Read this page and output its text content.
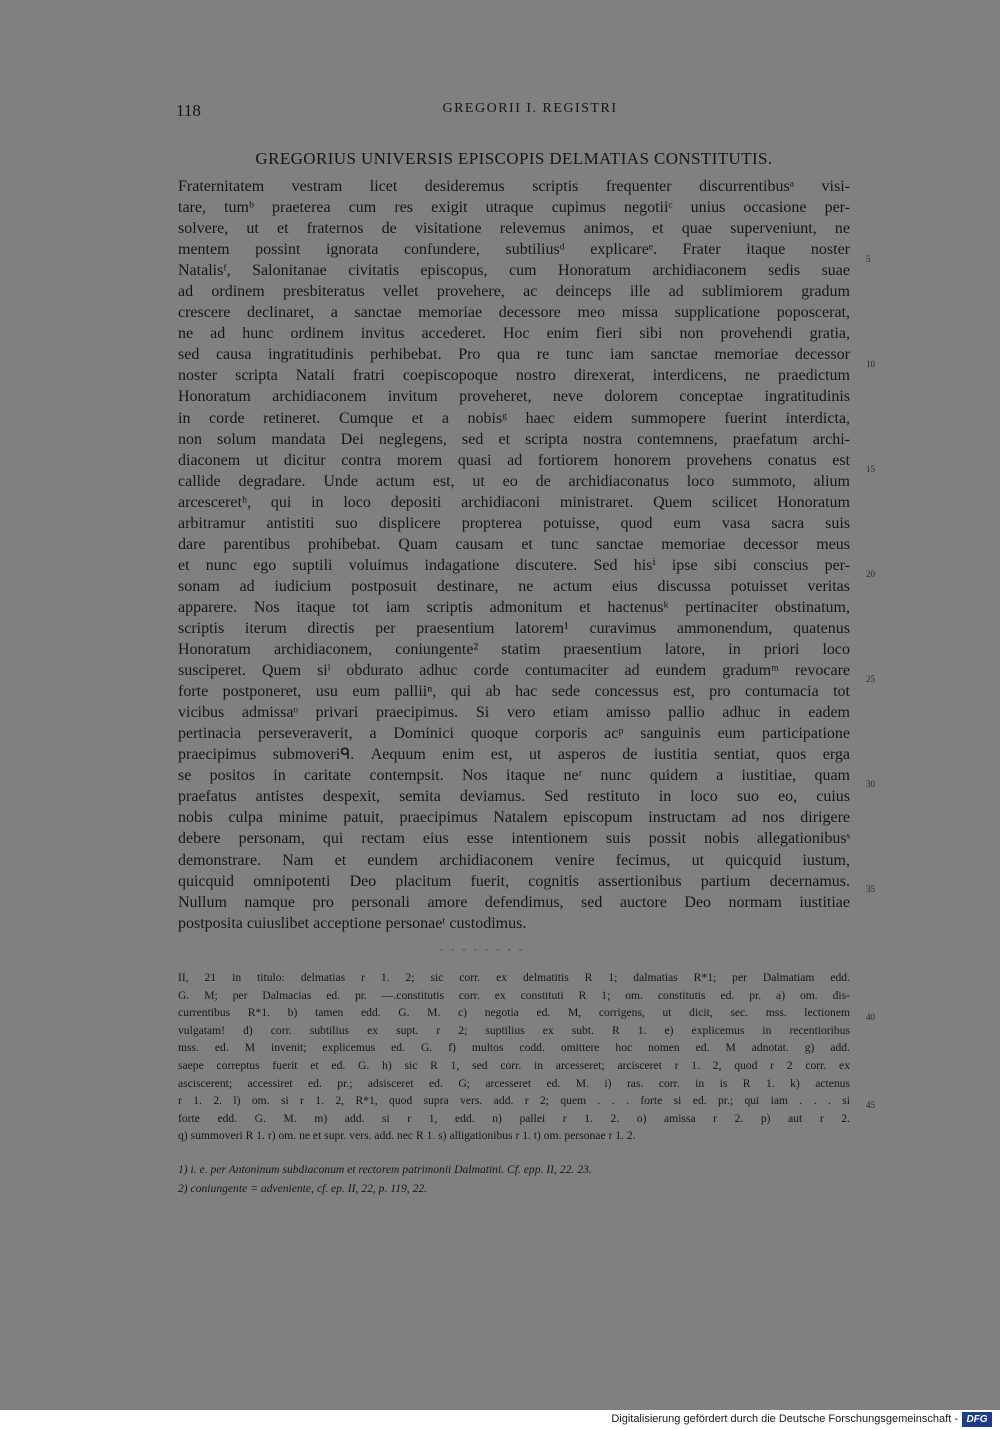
118	GREGORII I. REGISTRI
GREGORIUS UNIVERSIS EPISCOPIS DELMATIAS CONSTITUTIS.
Fraternitatem vestram licet desideremus scriptis frequenter discurrentibusᵃ visi-
tare, tumᵇ praeterea cum res exigit utraque cupimus negotiiᶜ unius occasione per-
solvere, ut et fraternos de visitatione relevemus animos, et quae superveniunt, ne
mentem possint ignorata confundere, subtiliusᵈ explicareᵉ. Frater itaque noster
Natalisᶠ, Salonitanae civitatis episcopus, cum Honoratum archidiaconem sedis suae
ad ordinem presbiteratus vellet provehere, ac deinceps ille ad sublimiorem gradum
crescere declinaret, a sanctae memoriae decessore meo missa supplicatione poposcerat,
ne ad hunc ordinem invitus accederet. Hoc enim fieri sibi non provehendi gratia,
sed causa ingratitudinis perhibebat. Pro qua re tunc iam sanctae memoriae decessor
noster scripta Natali fratri coepiscopoque nostro direxerat, interdicens, ne praedictum
Honoratum archidiaconem invitum proveheret, neve dolorem conceptae ingratitudinis
in corde retineret. Cumque et a nobisᵍ haec eidem summopere fuerint interdicta,
non solum mandata Dei neglegens, sed et scripta nostra contemnens, praefatum archi-
diaconem ut dicitur contra morem quasi ad fortiorem honorem provehens conatus est
callide degradare. Unde actum est, ut eo de archidiaconatus loco summoto, alium
arcesceretʰ, qui in loco depositi archidiaconi ministraret. Quem scilicet Honoratum
arbitramur antistiti suo displicere propterea potuisse, quod eum vasa sacra suis
dare parentibus prohibebat. Quam causam et tunc sanctae memoriae decessor meus
et nunc ego suptili voluimus indagatione discutere. Sed hisⁱ ipse sibi conscius per-
sonam ad iudicium postposuit destinare, ne actum eius discussa potuisset veritas
apparere. Nos itaque tot iam scriptis admonitum et hactenusᵏ pertinaciter obstinatum,
scriptis iterum directis per praesentium latorem¹ curavimus ammonendum, quatenus
Honoratum archidiaconem, coniungente² statim praesentium latore, in priori loco
susciperet. Quem siˡ obdurato adhuc corde contumaciter ad eundem gradumᵐ revocare
forte postponeret, usu eum palliiⁿ, qui ab hac sede concessus est, pro contumacia tot
vicibus admissaᵒ privari praecipimus. Si vero etiam amisso pallio adhuc in eadem
pertinacia perseveraverit, a Dominici quoque corporis acᵖ sanguinis eum participatione
praecipimus submoveriᑫ. Aequum enim est, ut asperos de iustitia sentiat, quos erga
se positos in caritate contempsit. Nos itaque neʳ nunc quidem a iustitiae, quam
praefatus antistes despexit, semita deviamus. Sed restituto in loco suo eo, cuius
nobis culpa minime patuit, praecipimus Natalem episcopum instructam ad nos dirigere
debere personam, qui rectam eius esse intentionem suis possit nobis allegationibusˢ
demonstrare. Nam et eundem archidiaconem venire fecimus, ut quicquid iustum,
quicquid omnipotenti Deo placitum fuerit, cognitis assertionibus partium decernamus.
Nullum namque pro personali amore defendimus, sed auctore Deo normam iustitiae
postposita cuiuslibet acceptione personaeᵗ custodimus.
5
10
15
20
25
30
35
- - - - - - - -
II, 21 in titulo: delmatias r 1. 2; sic corr. ex delmatitis R 1; dalmatias R*1; per Dalmatiam edd.
G. M; per Dalmacias ed. pr. —.constitutis corr. ex constituti R 1; om. constitutis ed. pr. a) om. dis-
currentibus R*1. b) tamen edd. G. M. c) negotia ed. M, corrigens, ut dicit, sec. mss. lectionem
vulgatam! d) corr. subtilius ex supt. r 2; suptilius ex subt. R 1. e) explicemus in recentioribus
mss. ed. M invenit; explicemus ed. G. f) multos codd. omittere hoc nomen ed. M adnotat. g) add.
saepe correptus fuerit et ed. G. h) sic R 1, sed corr. in arcesseret; arcisceret r 1. 2, quod r 2 corr. ex
asciscerent; accessiret ed. pr.; adsisceret ed. G; arcesseret ed. M. i) ras. corr. in is R 1. k) actenus
r 1. 2. l) om. si r 1. 2, R*1, quod supra vers. add. r 2; quem . . . forte si ed. pr.; qui iam . . . si
forte edd. G. M. m) add. si r 1, edd. n) pallei r 1. 2. o) amissa r 2. p) aut r 2.
q) summoveri R 1. r) om. ne et supr. vers. add. nec R 1. s) alligationibus r 1. t) om. personae r 1. 2.
40
45
1) i. e. per Antoninum subdiaconum et rectorem patrimonii Dalmatini. Cf. epp. II, 22. 23.
2) coniungente = adveniente, cf. ep. II, 22, p. 119, 22.
Digitalisierung gefördert durch die Deutsche Forschungsgemeinschaft - DFG
